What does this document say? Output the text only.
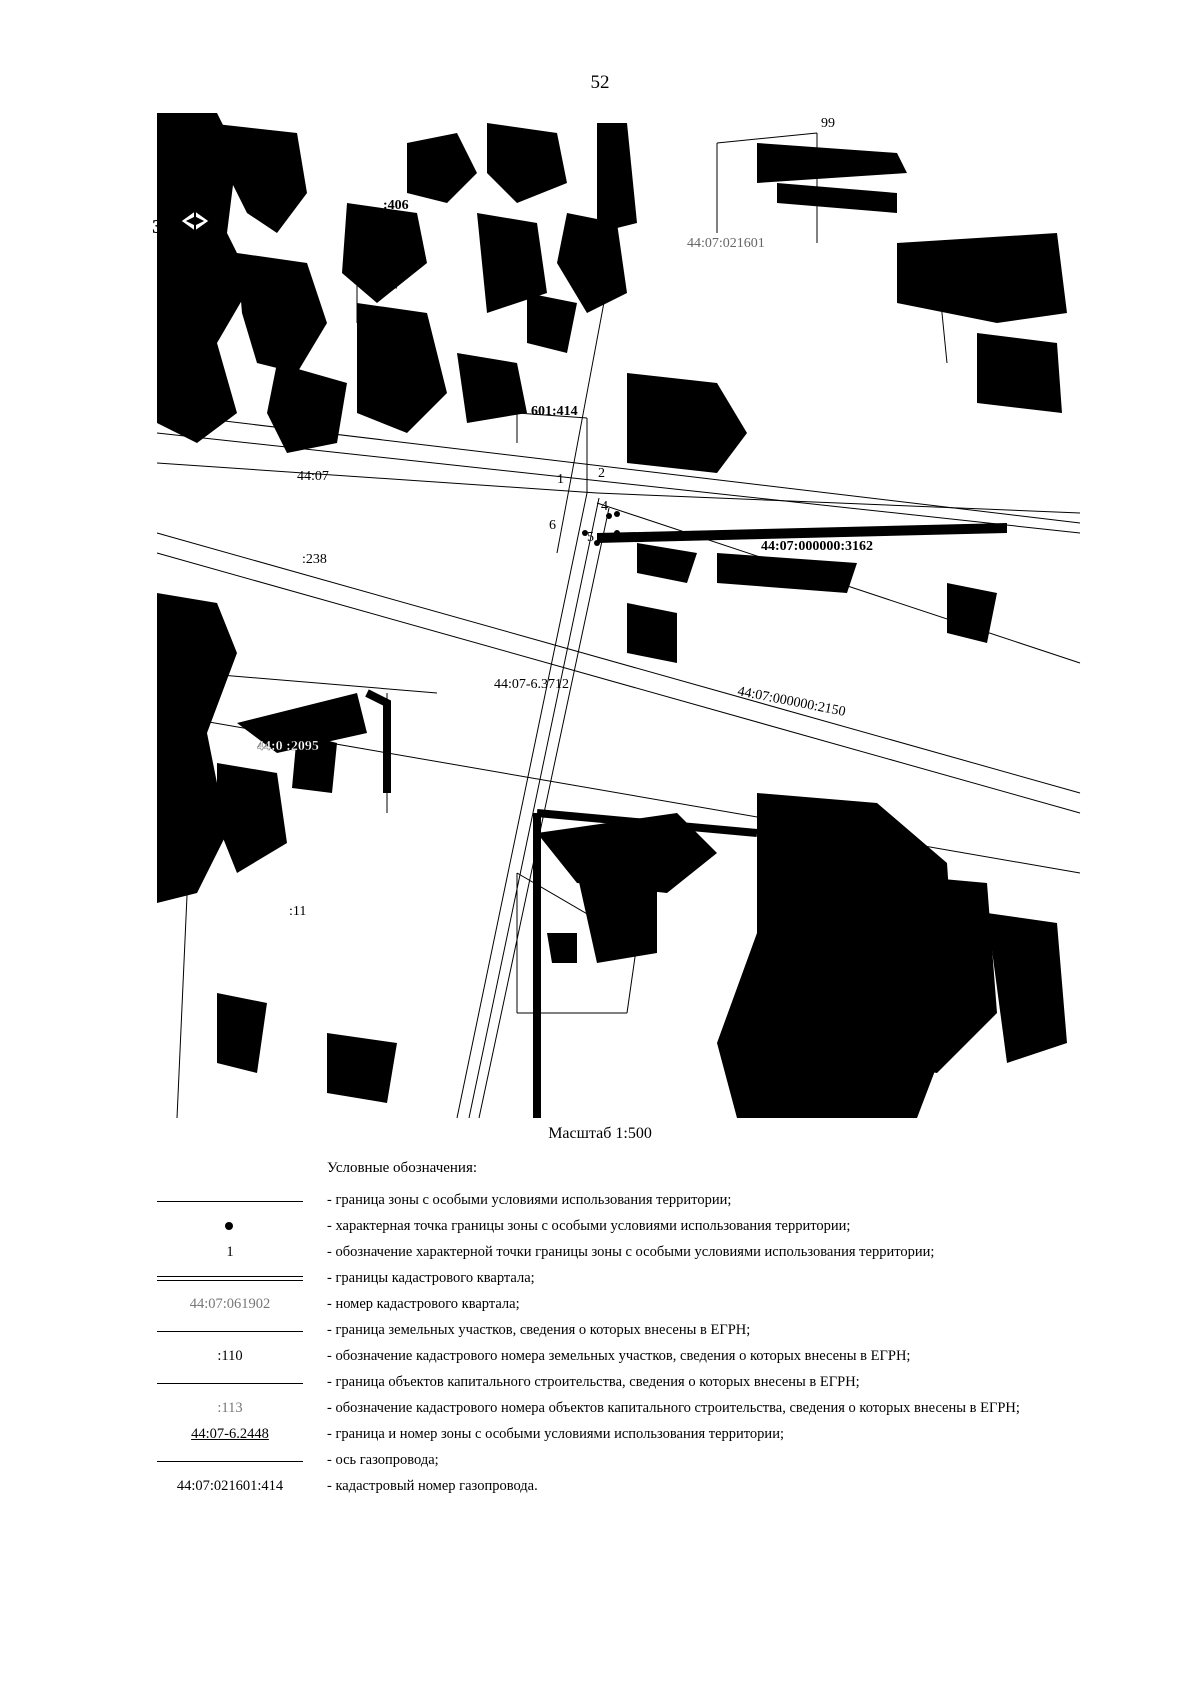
52
79	99
З
Ю
:406
44:07:021601
601:414
1 2
4
5
6
44:07
44:07:000000:3162
:238
44:07-6.3712	44:07:000000:2150
44:0 :2095
:11
:377
Масштаб 1:500
Условные обозначения:
- граница зоны с особыми условиями использования территории;
- характерная точка границы зоны с особыми условиями использования территории;
1	- обозначение характерной точки границы зоны с особыми условиями использования территории;
- границы кадастрового квартала;
44:07:061902	- номер кадастрового квартала;
- граница земельных участков, сведения о которых внесены в ЕГРН;
:110	- обозначение кадастрового номера земельных участков, сведения о которых внесены в ЕГРН;
- граница объектов капитального строительства, сведения о которых внесены в ЕГРН;
:113	- обозначение кадастрового номера объектов капитального строительства, сведения о которых внесены в ЕГРН;
44:07-6.2448	- граница и номер зоны с особыми условиями использования территории;
- ось газопровода;
44:07:021601:414	- кадастровый номер газопровода.
